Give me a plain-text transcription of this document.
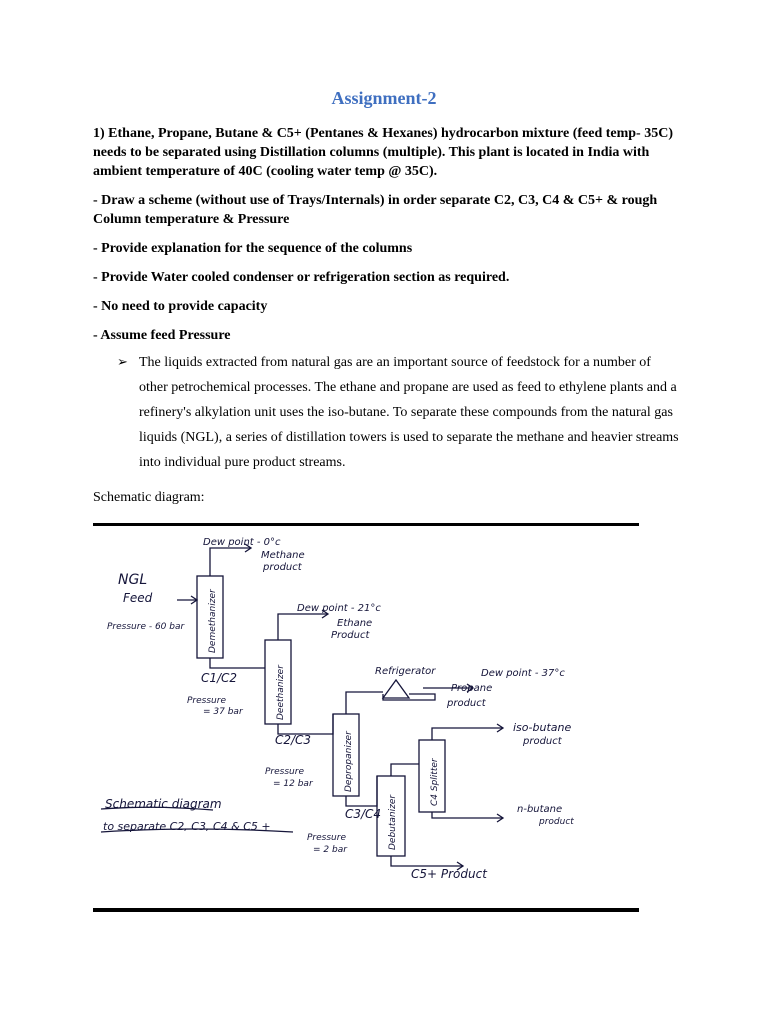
Assignment-2

1) Ethane, Propane, Butane & C5+ (Pentanes & Hexanes) hydrocarbon mixture (feed temp- 35C) needs to be separated using Distillation columns (multiple). This plant is located in India with ambient temperature of 40C (cooling water temp @ 35C).

- Draw a scheme (without use of Trays/Internals) in order separate C2, C3, C4 & C5+ & rough Column temperature & Pressure

- Provide explanation for the sequence of the columns

- Provide Water cooled condenser or refrigeration section as required.

- No need to provide capacity

- Assume feed Pressure

➢ The liquids extracted from natural gas are an important source of feedstock for a number of other petrochemical processes. The ethane and propane are used as feed to ethylene plants and a refinery's alkylation unit uses the iso-butane. To separate these compounds from the natural gas liquids (NGL), a series of distillation towers is used to separate the methane and heavier streams into individual pure product streams.

Schematic diagram:
NGL
Feed
Pressure - 60 bar
Dew point - 0°c
Methane
product
Demethanizer
C1/C2
Dew point - 21°c
Ethane
Product
Deethanizer
Pressure
= 37 bar
Refrigerator	Dew point - 37°c
Propane
product
C2/C3	Depropanizer
Pressure
= 12 bar
iso-butane
product
C4 Splitter
C3/C4 Debutanizer	n-butane
product
Schematic diagram
to separate C2, C3, C4 & C5 +
Pressure
= 2 bar
C5+ Product
